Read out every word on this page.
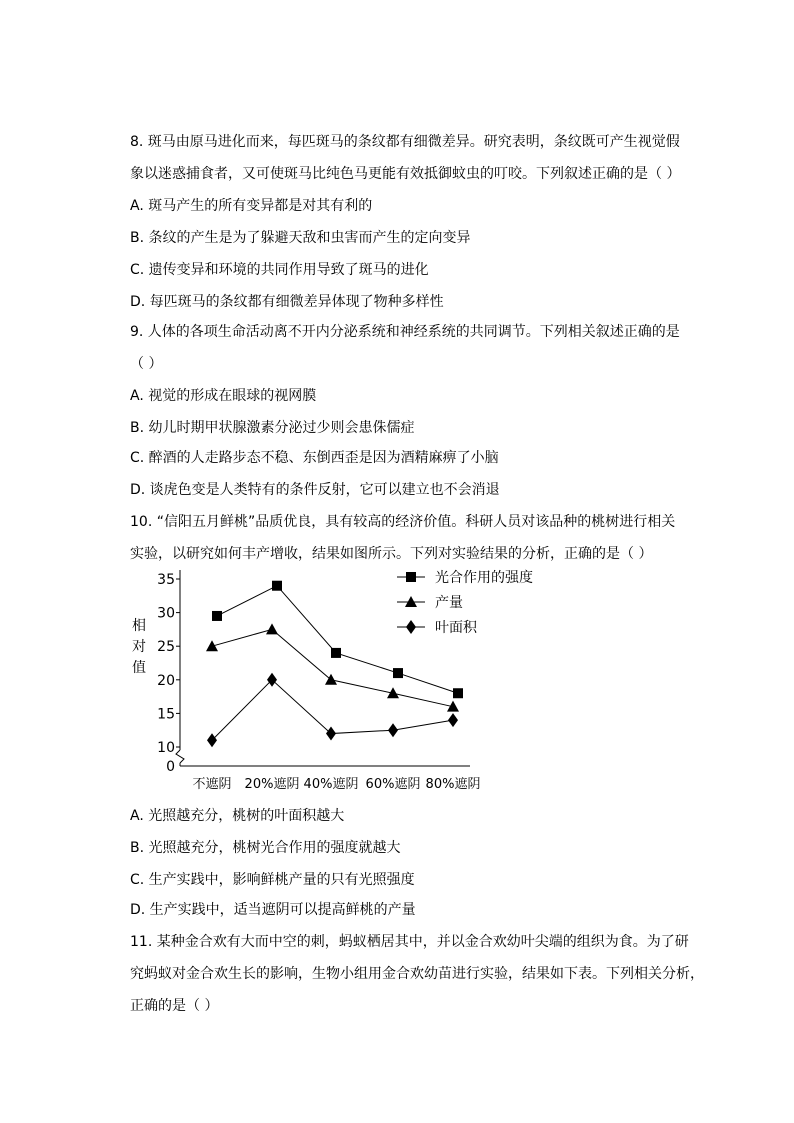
8. 斑马由原马进化而来，每匹斑马的条纹都有细微差异。研究表明，条纹既可产生视觉假
象以迷惑捕食者，又可使斑马比纯色马更能有效抵御蚊虫的叮咬。下列叙述正确的是（ ）
A. 斑马产生的所有变异都是对其有利的
B. 条纹的产生是为了躲避天敌和虫害而产生的定向变异
C. 遗传变异和环境的共同作用导致了斑马的进化
D. 每匹斑马的条纹都有细微差异体现了物种多样性
9. 人体的各项生命活动离不开内分泌系统和神经系统的共同调节。下列相关叙述正确的是
（ ）
A. 视觉的形成在眼球的视网膜
B. 幼儿时期甲状腺激素分泌过少则会患侏儒症
C. 醉酒的人走路步态不稳、东倒西歪是因为酒精麻痹了小脑
D. 谈虎色变是人类特有的条件反射，它可以建立也不会消退
10. “信阳五月鲜桃”品质优良，具有较高的经济价值。科研人员对该品种的桃树进行相关
实验，以研究如何丰产增收，结果如图所示。下列对实验结果的分析，正确的是（ ）
0
10
15
20
25
30
35
相
对
值
不遮阴 20%遮阴 40%遮阴 60%遮阴 80%遮阴
光合作用的强度
产量
叶面积
A. 光照越充分，桃树的叶面积越大
B. 光照越充分，桃树光合作用的强度就越大
C. 生产实践中，影响鲜桃产量的只有光照强度
D. 生产实践中，适当遮阴可以提高鲜桃的产量
11. 某种金合欢有大而中空的刺，蚂蚁栖居其中，并以金合欢幼叶尖端的组织为食。为了研
究蚂蚁对金合欢生长的影响，生物小组用金合欢幼苗进行实验，结果如下表。下列相关分析，
正确的是（ ）
